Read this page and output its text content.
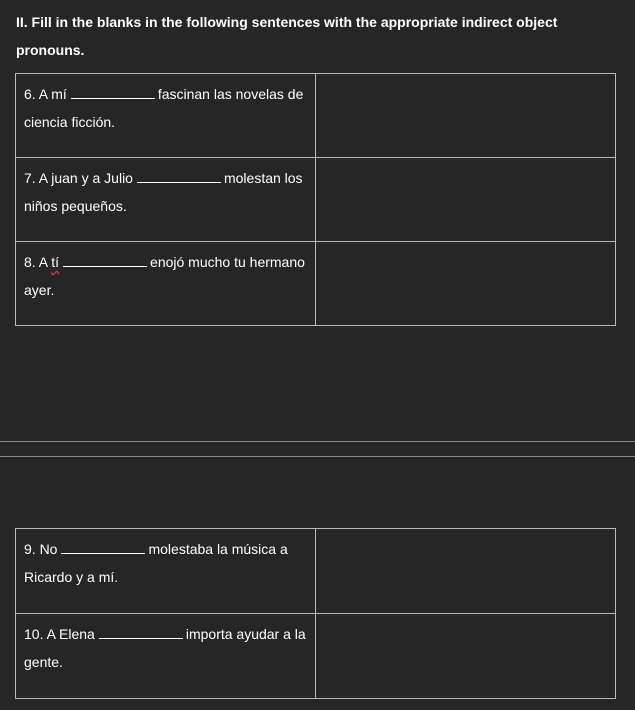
II. Fill in the blanks in the following sentences with the appropriate indirect object pronouns.

6. A mí fascinan las novelas de ciencia ficción.	
7. A juan y a Julio molestan los niños pequeños.	
8. A tí enojó mucho tu hermano ayer.	
9. No molestaba la música a Ricardo y a mí.	
10. A Elena importa ayudar a la gente.	
